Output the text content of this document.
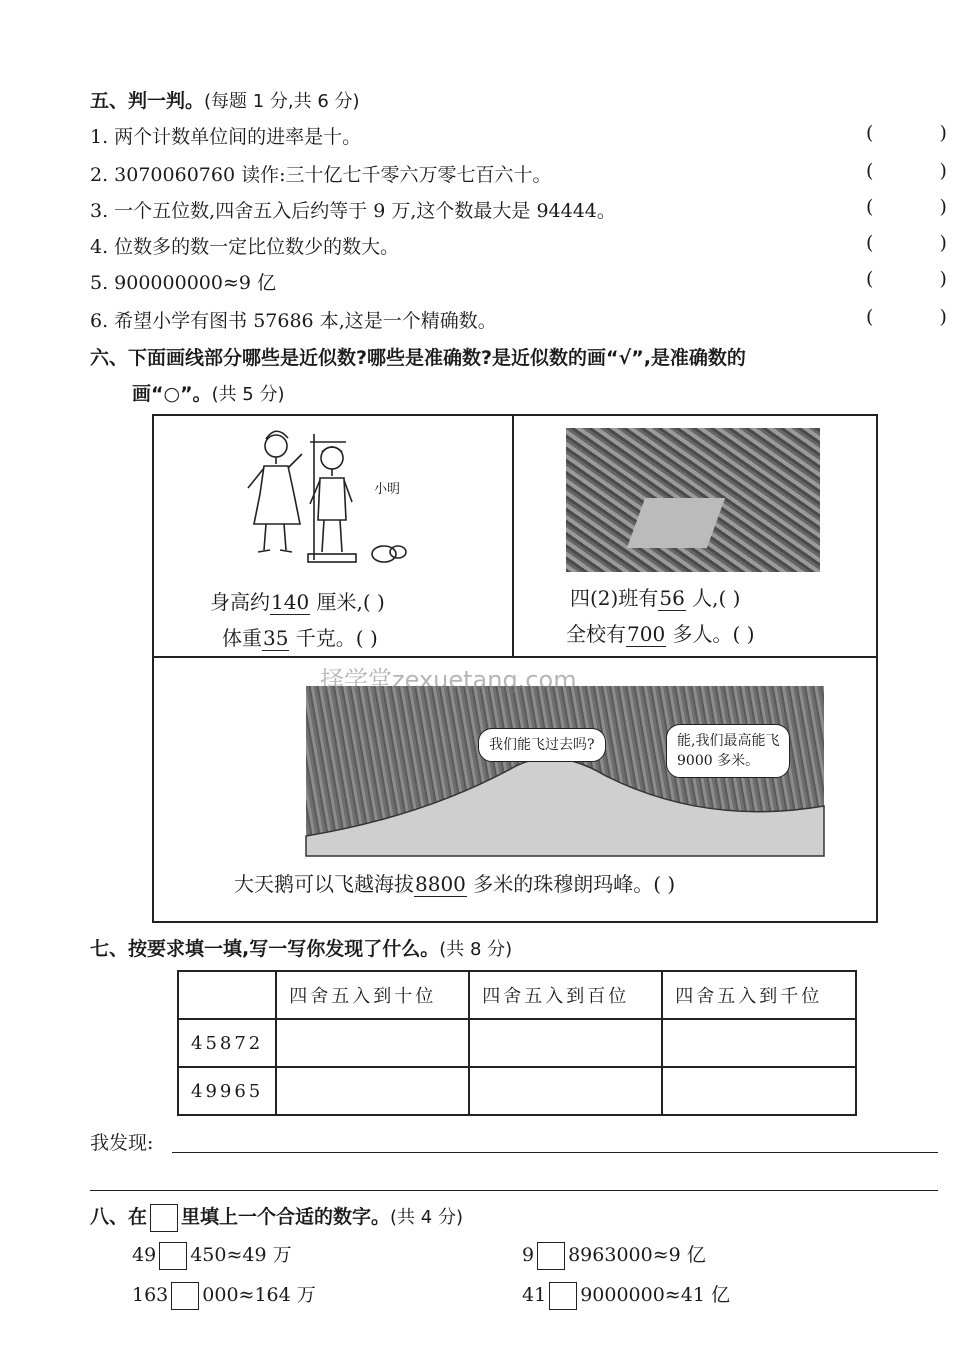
五、判一判。(每题 1 分,共 6 分)
1. 两个计数单位间的进率是十。	( )
2. 3070060760 读作:三十亿七千零六万零七百六十。	( )
3. 一个五位数,四舍五入后约等于 9 万,这个数最大是 94444。	( )
4. 位数多的数一定比位数少的数大。	( )
5. 900000000≈9 亿	( )
6. 希望小学有图书 57686 本,这是一个精确数。	( )
六、下面画线部分哪些是近似数?哪些是准确数?是近似数的画“√”,是准确数的
画“○”。(共 5 分)
小明
身高约140 厘米,( )
体重35 千克。( )
四(2)班有56 人,( )
全校有700 多人。( )
我们能飞过去吗?	能,我们最高能飞
9000 多米。
择学堂zexuetang.com
大天鹅可以飞越海拔8800 多米的珠穆朗玛峰。( )
七、按要求填一填,写一写你发现了什么。(共 8 分)
	四舍五入到十位	四舍五入到百位	四舍五入到千位
45872			
49965			
我发现:
八、在 里填上一个合适的数字。(共 4 分)
49 450≈49 万	9 8963000≈9 亿
163 000≈164 万	41 9000000≈41 亿
